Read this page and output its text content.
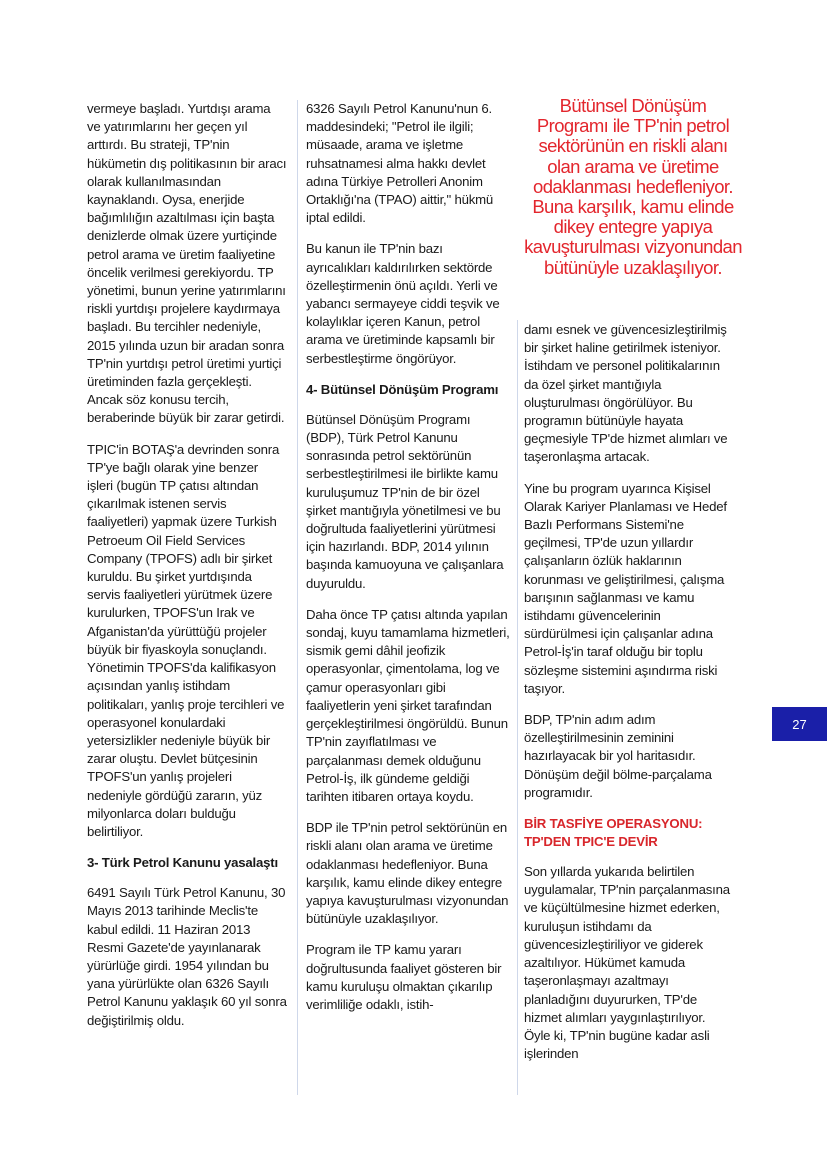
vermeye başladı. Yurtdışı arama ve yatırımlarını her geçen yıl arttırdı. Bu strateji, TP'nin hükümetin dış politikasının bir aracı olarak kullanılmasından kaynaklandı. Oysa, enerjide bağımlılığın azaltılması için başta denizlerde olmak üzere yurtiçinde petrol arama ve üretim faaliyetine öncelik verilmesi gerekiyordu. TP yönetimi, bunun yerine yatırımlarını riskli yurtdışı projelere kaydırmaya başladı. Bu tercihler nedeniyle, 2015 yılında uzun bir aradan sonra TP'nin yurtdışı petrol üretimi yurtiçi üretiminden fazla gerçekleşti. Ancak söz konusu tercih, beraberinde büyük bir zarar getirdi.

TPIC'in BOTAŞ'a devrinden sonra TP'ye bağlı olarak yine benzer işleri (bugün TP çatısı altından çıkarılmak istenen servis faaliyetleri) yapmak üzere Turkish Petroeum Oil Field Services Company (TPOFS) adlı bir şirket kuruldu. Bu şirket yurtdışında servis faaliyetleri yürütmek üzere kurulurken, TPOFS'un Irak ve Afganistan'da yürüttüğü projeler büyük bir fiyaskoyla sonuçlandı. Yönetimin TPOFS'da kalifikasyon açısından yanlış istihdam politikaları, yanlış proje tercihleri ve operasyonel konulardaki yetersizlikler nedeniyle büyük bir zarar oluştu. Devlet bütçesinin TPOFS'un yanlış projeleri nedeniyle gördüğü zararın, yüz milyonlarca doları bulduğu belirtiliyor.

3- Türk Petrol Kanunu yasalaştı

6491 Sayılı Türk Petrol Kanunu, 30 Mayıs 2013 tarihinde Meclis'te kabul edildi. 11 Haziran 2013 Resmi Gazete'de yayınlanarak yürürlüğe girdi. 1954 yılından bu yana yürürlükte olan 6326 Sayılı Petrol Kanunu yaklaşık 60 yıl sonra değiştirilmiş oldu.

6326 Sayılı Petrol Kanunu'nun 6. maddesindeki; "Petrol ile ilgili; müsaade, arama ve işletme ruhsatnamesi alma hakkı devlet adına Türkiye Petrolleri Anonim Ortaklığı'na (TPAO) aittir," hükmü iptal edildi.

Bu kanun ile TP'nin bazı ayrıcalıkları kaldırılırken sektörde özelleştirmenin önü açıldı. Yerli ve yabancı sermayeye ciddi teşvik ve kolaylıklar içeren Kanun, petrol arama ve üretiminde kapsamlı bir serbestleştirme öngörüyor.

4- Bütünsel Dönüşüm Programı

Bütünsel Dönüşüm Programı (BDP), Türk Petrol Kanunu sonrasında petrol sektörünün serbestleştirilmesi ile birlikte kamu kuruluşumuz TP'nin de bir özel şirket mantığıyla yönetilmesi ve bu doğrultuda faaliyetlerini yürütmesi için hazırlandı. BDP, 2014 yılının başında kamuoyuna ve çalışanlara duyuruldu.

Daha önce TP çatısı altında yapılan sondaj, kuyu tamamlama hizmetleri, sismik gemi dâhil jeofizik operasyonlar, çimentolama, log ve çamur operasyonları gibi faaliyetlerin yeni şirket tarafından gerçekleştirilmesi öngörüldü. Bunun TP'nin zayıflatılması ve parçalanması demek olduğunu Petrol-İş, ilk gündeme geldiği tarihten itibaren ortaya koydu.

BDP ile TP'nin petrol sektörünün en riskli alanı olan arama ve üretime odaklanması hedefleniyor. Buna karşılık, kamu elinde dikey entegre yapıya kavuşturulması vizyonundan bütünüyle uzaklaşılıyor.

Program ile TP kamu yararı doğrultusunda faaliyet gösteren bir kamu kuruluşu olmaktan çıkarılıp verimliliğe odaklı, istih-

Bütünsel Dönüşüm Programı ile TP'nin petrol sektörünün en riskli alanı olan arama ve üretime odaklanması hedefleniyor. Buna karşılık, kamu elinde dikey entegre yapıya kavuşturulması vizyonundan bütünüyle uzaklaşılıyor.

damı esnek ve güvencesizleştirilmiş bir şirket haline getirilmek isteniyor. İstihdam ve personel politikalarının da özel şirket mantığıyla oluşturulması öngörülüyor. Bu programın bütünüyle hayata geçmesiyle TP'de hizmet alımları ve taşeronlaşma artacak.

Yine bu program uyarınca Kişisel Olarak Kariyer Planlaması ve Hedef Bazlı Performans Sistemi'ne geçilmesi, TP'de uzun yıllardır çalışanların özlük haklarının korunması ve geliştirilmesi, çalışma barışının sağlanması ve kamu istihdamı güvencelerinin sürdürülmesi için çalışanlar adına Petrol-İş'in taraf olduğu bir toplu sözleşme sistemini aşındırma riski taşıyor.

BDP, TP'nin adım adım özelleştirilmesinin zeminini hazırlayacak bir yol haritasıdır. Dönüşüm değil bölme-parçalama programıdır.

BİR TASFİYE OPERASYONU: TP'DEN TPIC'E DEVİR

Son yıllarda yukarıda belirtilen uygulamalar, TP'nin parçalanmasına ve küçültülmesine hizmet ederken, kuruluşun istihdamı da güvencesizleştiriliyor ve giderek azaltılıyor. Hükümet kamuda taşeronlaşmayı azaltmayı planladığını duyururken, TP'de hizmet alımları yaygınlaştırılıyor. Öyle ki, TP'nin bugüne kadar asli işlerinden

27
